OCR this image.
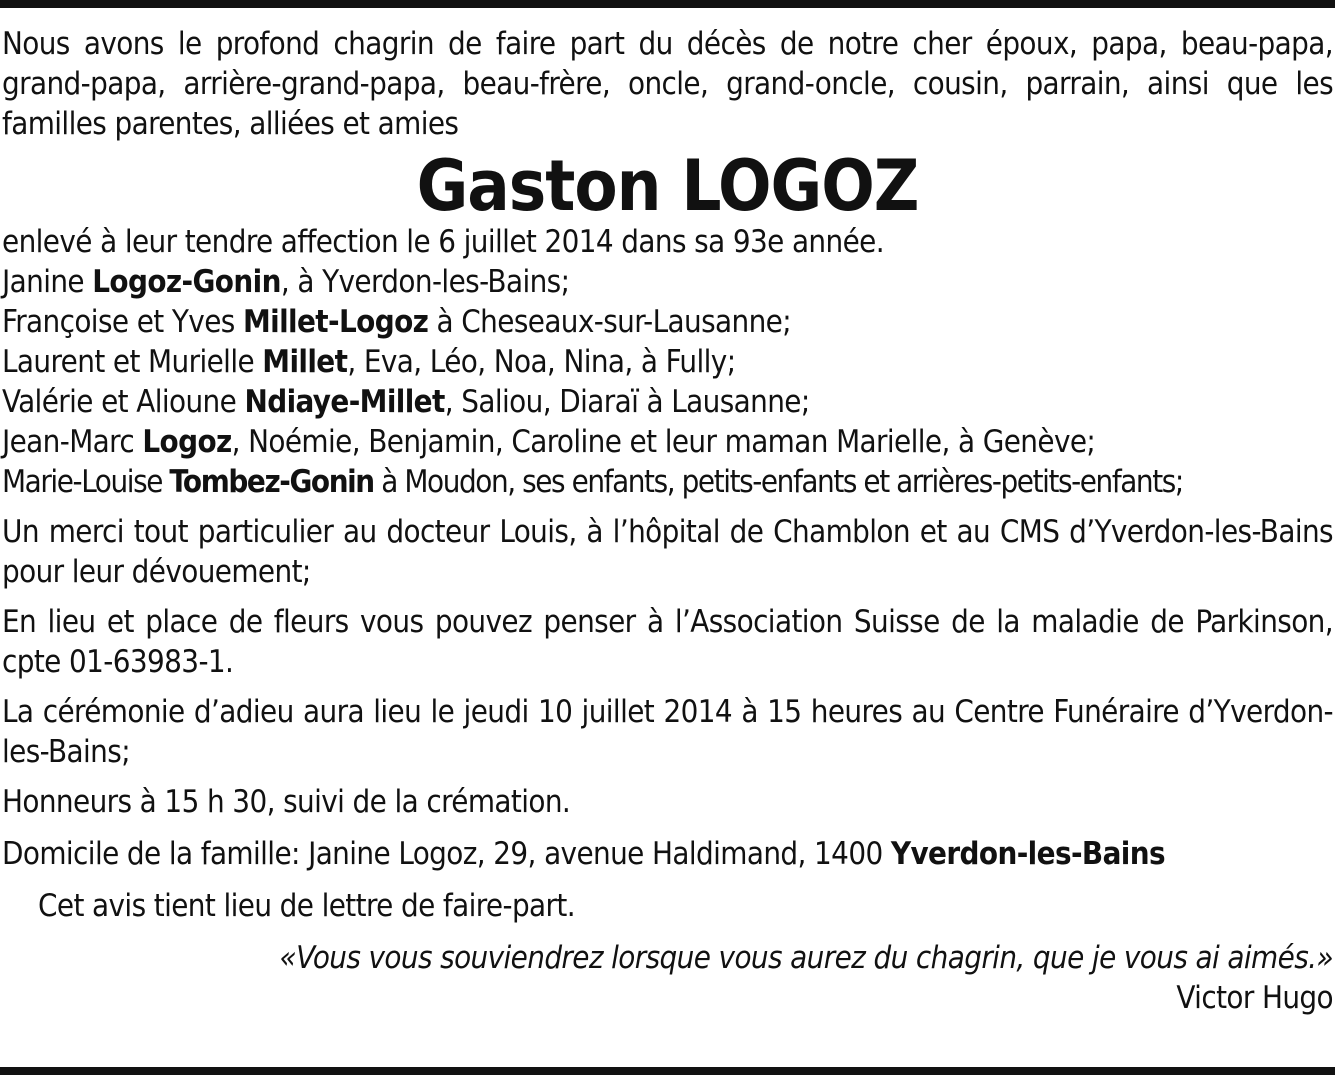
Nous avons le profond chagrin de faire part du décès de notre cher époux, papa, beau-papa, grand-papa, arrière-grand-papa, beau-frère, oncle, grand-oncle, cousin, parrain, ainsi que les familles parentes, alliées et amies

Gaston LOGOZ

enlevé à leur tendre affection le 6 juillet 2014 dans sa 93e année.

Janine Logoz-Gonin, à Yverdon-les-Bains;

Françoise et Yves Millet-Logoz à Cheseaux-sur-Lausanne;

Laurent et Murielle Millet, Eva, Léo, Noa, Nina, à Fully;

Valérie et Alioune Ndiaye-Millet, Saliou, Diaraï à Lausanne;

Jean-Marc Logoz, Noémie, Benjamin, Caroline et leur maman Marielle, à Genève;

Marie-Louise Tombez-Gonin à Moudon, ses enfants, petits-enfants et arrières-petits-enfants;

Un merci tout particulier au docteur Louis, à l’hôpital de Chamblon et au CMS d’Yverdon-les-Bains pour leur dévouement;

En lieu et place de fleurs vous pouvez penser à l’Association Suisse de la maladie de Parkinson, cpte 01-63983-1.

La cérémonie d’adieu aura lieu le jeudi 10 juillet 2014 à 15 heures au Centre Funéraire d’Yverdon-les-Bains;

Honneurs à 15 h 30, suivi de la crémation.

Domicile de la famille: Janine Logoz, 29, avenue Haldimand, 1400 Yverdon-les-Bains

Cet avis tient lieu de lettre de faire-part.

«Vous vous souviendrez lorsque vous aurez du chagrin, que je vous ai aimés.»

Victor Hugo
